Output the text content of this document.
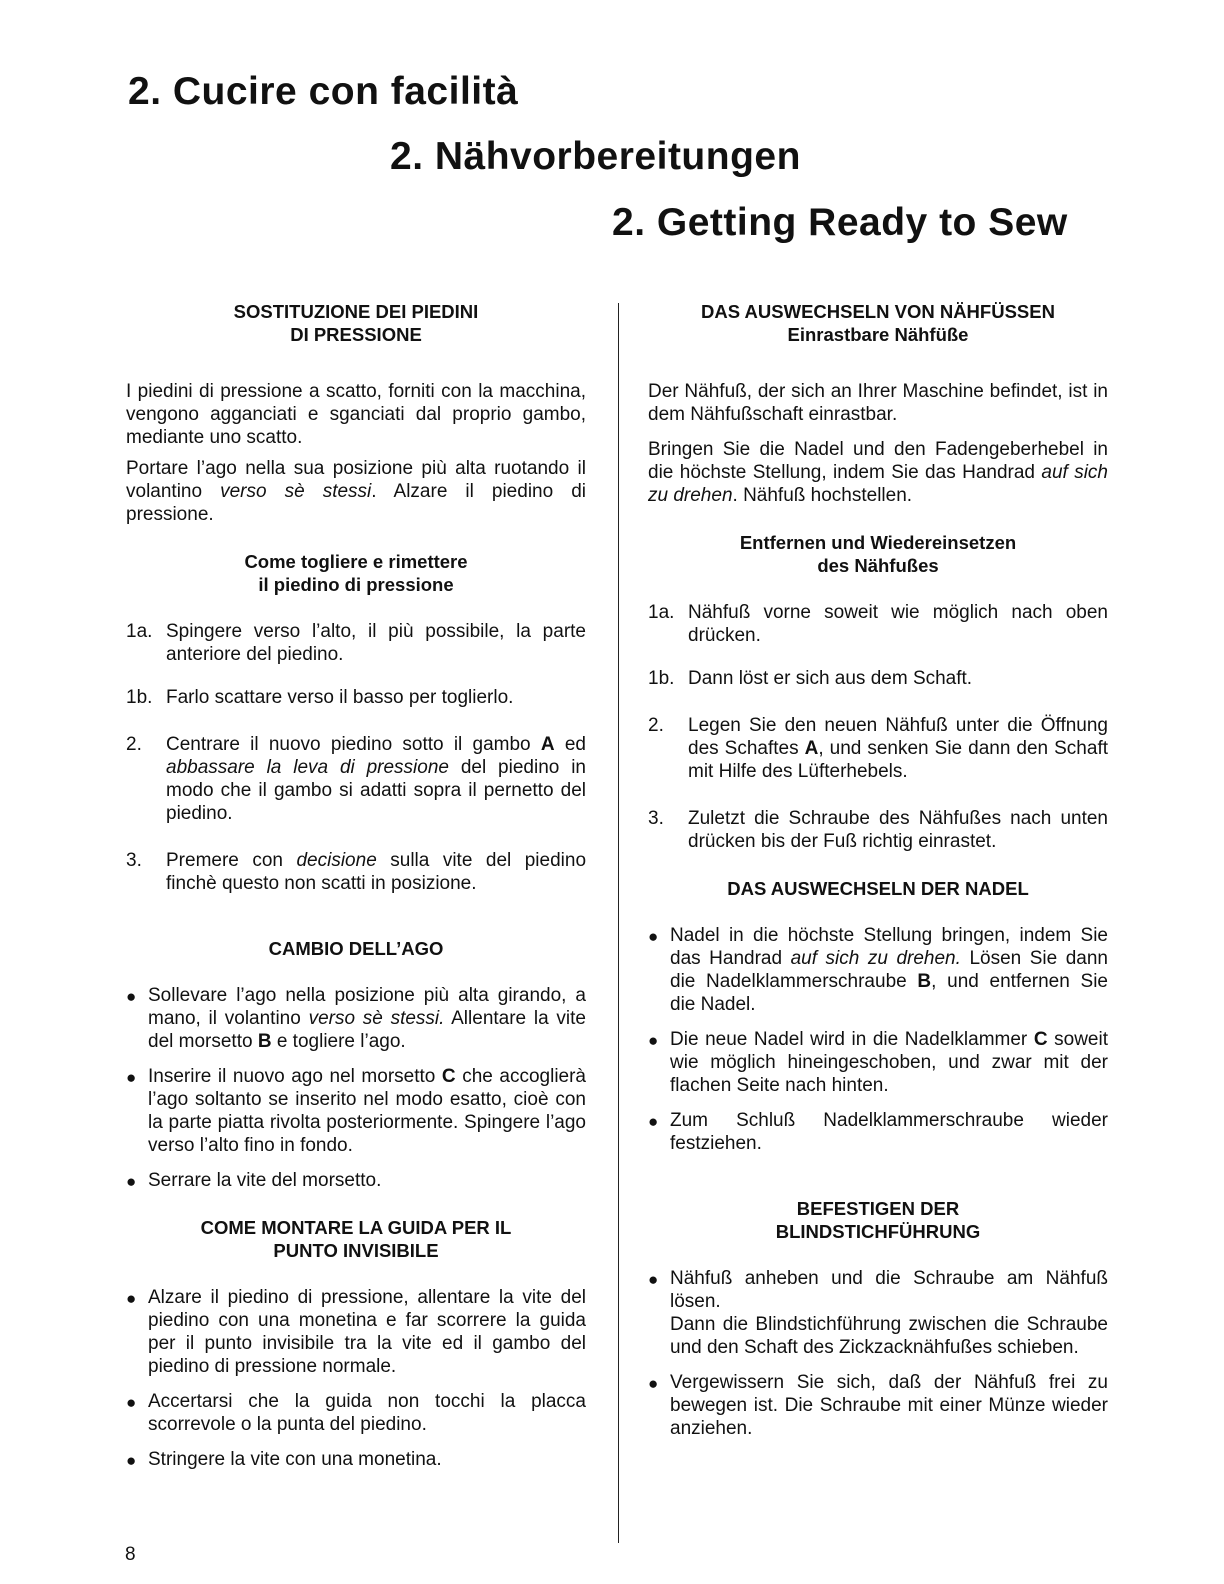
2. Cucire con facilità
2. Nähvorbereitungen
2. Getting Ready to Sew
SOSTITUZIONE DEI PIEDINI
DI PRESSIONE

I piedini di pressione a scatto, forniti con la macchina, vengono agganciati e sganciati dal proprio gambo, mediante uno scatto.

Portare l’ago nella sua posizione più alta ruotando il volantino verso sè stessi. Alzare il piedino di pressione.

Come togliere e rimettere
il piedino di pressione
1a. Spingere verso l’alto, il più possibile, la parte anteriore del piedino.
1b. Farlo scattare verso il basso per toglierlo.
2. Centrare il nuovo piedino sotto il gambo A ed abbassare la leva di pressione del piedino in modo che il gambo si adatti sopra il pernetto del piedino.
3. Premere con decisione sulla vite del piedino finchè questo non scatti in posizione.
CAMBIO DELL’AGO
● Sollevare l’ago nella posizione più alta girando, a mano, il volantino verso sè stessi. Allentare la vite del morsetto B e togliere l’ago.
● Inserire il nuovo ago nel morsetto C che accoglierà l’ago soltanto se inserito nel modo esatto, cioè con la parte piatta rivolta posteriormente. Spingere l’ago verso l’alto fino in fondo.
● Serrare la vite del morsetto.
COME MONTARE LA GUIDA PER IL
PUNTO INVISIBILE
● Alzare il piedino di pressione, allentare la vite del piedino con una monetina e far scorrere la guida per il punto invisibile tra la vite ed il gambo del piedino di pressione normale.
● Accertarsi che la guida non tocchi la placca scorrevole o la punta del piedino.
● Stringere la vite con una monetina.
DAS AUSWECHSELN VON NÄHFÜSSEN
Einrastbare Nähfüße

Der Nähfuß, der sich an Ihrer Maschine befindet, ist in dem Nähfußschaft einrastbar.

Bringen Sie die Nadel und den Fadengeberhebel in die höchste Stellung, indem Sie das Handrad auf sich zu drehen. Nähfuß hochstellen.

Entfernen und Wiedereinsetzen
des Nähfußes
1a. Nähfuß vorne soweit wie möglich nach oben drücken.
1b. Dann löst er sich aus dem Schaft.
2. Legen Sie den neuen Nähfuß unter die Öffnung des Schaftes A, und senken Sie dann den Schaft mit Hilfe des Lüfterhebels.
3. Zuletzt die Schraube des Nähfußes nach unten drücken bis der Fuß richtig einrastet.
DAS AUSWECHSELN DER NADEL
● Nadel in die höchste Stellung bringen, indem Sie das Handrad auf sich zu drehen. Lösen Sie dann die Nadelklammerschraube B, und entfernen Sie die Nadel.
● Die neue Nadel wird in die Nadelklammer C soweit wie möglich hineingeschoben, und zwar mit der flachen Seite nach hinten.
● Zum Schluß Nadelklammerschraube wieder festziehen.
BEFESTIGEN DER
BLINDSTICHFÜHRUNG
● Nähfuß anheben und die Schraube am Nähfuß lösen.
Dann die Blindstichführung zwischen die Schraube und den Schaft des Zickzacknähfußes schieben.
● Vergewissern Sie sich, daß der Nähfuß frei zu bewegen ist. Die Schraube mit einer Münze wieder anziehen.
8
